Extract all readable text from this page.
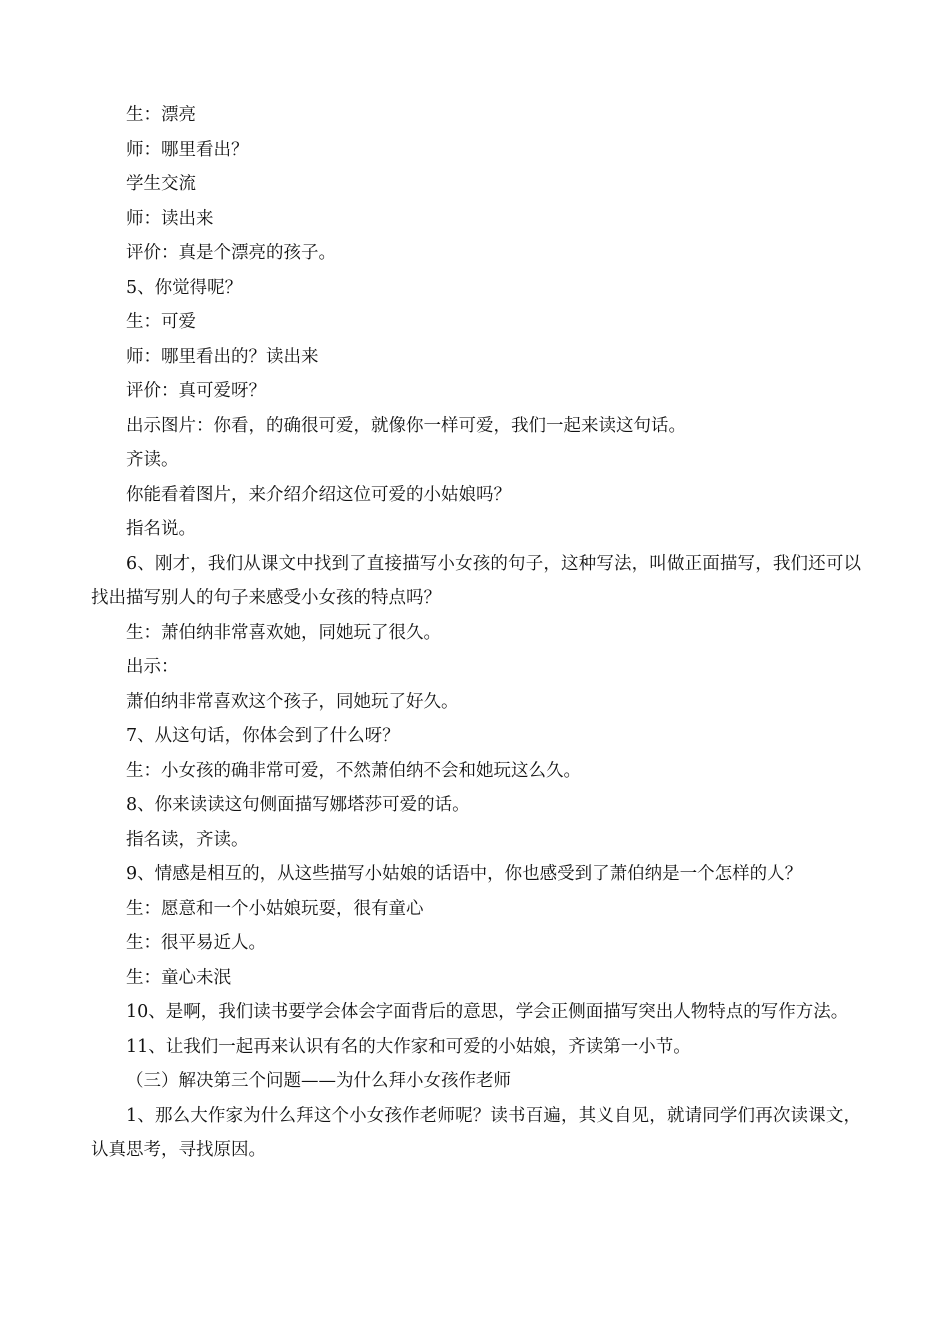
生：漂亮

师：哪里看出？

学生交流

师：读出来

评价：真是个漂亮的孩子。

5、你觉得呢？

生：可爱

师：哪里看出的？读出来

评价：真可爱呀？

出示图片：你看，的确很可爱，就像你一样可爱，我们一起来读这句话。

齐读。

你能看着图片，来介绍介绍这位可爱的小姑娘吗？

指名说。

6、刚才，我们从课文中找到了直接描写小女孩的句子，这种写法，叫做正面描写，我们还可以找出描写别人的句子来感受小女孩的特点吗？

生：萧伯纳非常喜欢她，同她玩了很久。

出示：

萧伯纳非常喜欢这个孩子，同她玩了好久。

7、从这句话，你体会到了什么呀？

生：小女孩的确非常可爱，不然萧伯纳不会和她玩这么久。

8、你来读读这句侧面描写娜塔莎可爱的话。

指名读，齐读。

9、情感是相互的，从这些描写小姑娘的话语中，你也感受到了萧伯纳是一个怎样的人？

生：愿意和一个小姑娘玩耍，很有童心

生：很平易近人。

生：童心未泯

10、是啊，我们读书要学会体会字面背后的意思，学会正侧面描写突出人物特点的写作方法。

11、让我们一起再来认识有名的大作家和可爱的小姑娘，齐读第一小节。

（三）解决第三个问题——为什么拜小女孩作老师

1、那么大作家为什么拜这个小女孩作老师呢？读书百遍，其义自见，就请同学们再次读课文，认真思考，寻找原因。
